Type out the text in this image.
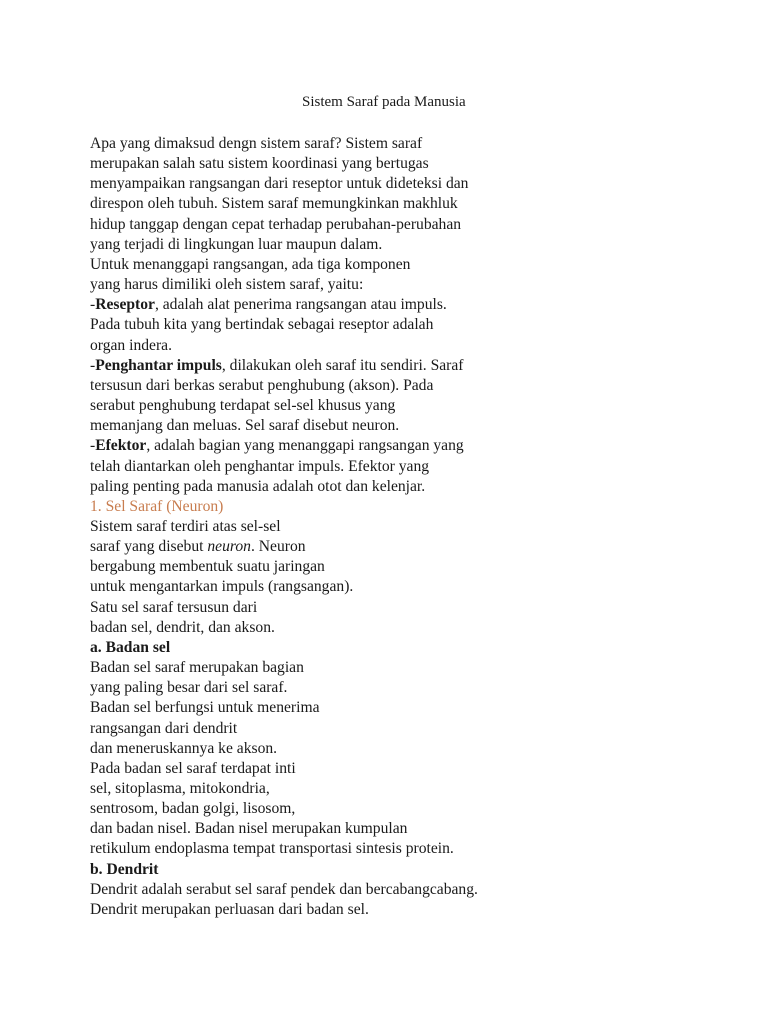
Sistem Saraf pada Manusia

Apa yang dimaksud dengn sistem saraf? Sistem saraf

merupakan salah satu sistem koordinasi yang bertugas

menyampaikan rangsangan dari reseptor untuk dideteksi dan

direspon oleh tubuh. Sistem saraf memungkinkan makhluk

hidup tanggap dengan cepat terhadap perubahan-perubahan

yang terjadi di lingkungan luar maupun dalam.

Untuk menanggapi rangsangan, ada tiga komponen

yang harus dimiliki oleh sistem saraf, yaitu:

-Reseptor, adalah alat penerima rangsangan atau impuls.

Pada tubuh kita yang bertindak sebagai reseptor adalah

organ indera.

-Penghantar impuls, dilakukan oleh saraf itu sendiri. Saraf

tersusun dari berkas serabut penghubung (akson). Pada

serabut penghubung terdapat sel-sel khusus yang

memanjang dan meluas. Sel saraf disebut neuron.

-Efektor, adalah bagian yang menanggapi rangsangan yang

telah diantarkan oleh penghantar impuls. Efektor yang

paling penting pada manusia adalah otot dan kelenjar.

1. Sel Saraf (Neuron)

Sistem saraf terdiri atas sel-sel

saraf yang disebut neuron. Neuron

bergabung membentuk suatu jaringan

untuk mengantarkan impuls (rangsangan).

Satu sel saraf tersusun dari

badan sel, dendrit, dan akson.

a. Badan sel

Badan sel saraf merupakan bagian

yang paling besar dari sel saraf.

Badan sel berfungsi untuk menerima

rangsangan dari dendrit

dan meneruskannya ke akson.

Pada badan sel saraf terdapat inti

sel, sitoplasma, mitokondria,

sentrosom, badan golgi, lisosom,

dan badan nisel. Badan nisel merupakan kumpulan

retikulum endoplasma tempat transportasi sintesis protein.

b. Dendrit

Dendrit adalah serabut sel saraf pendek dan bercabangcabang.

Dendrit merupakan perluasan dari badan sel.
